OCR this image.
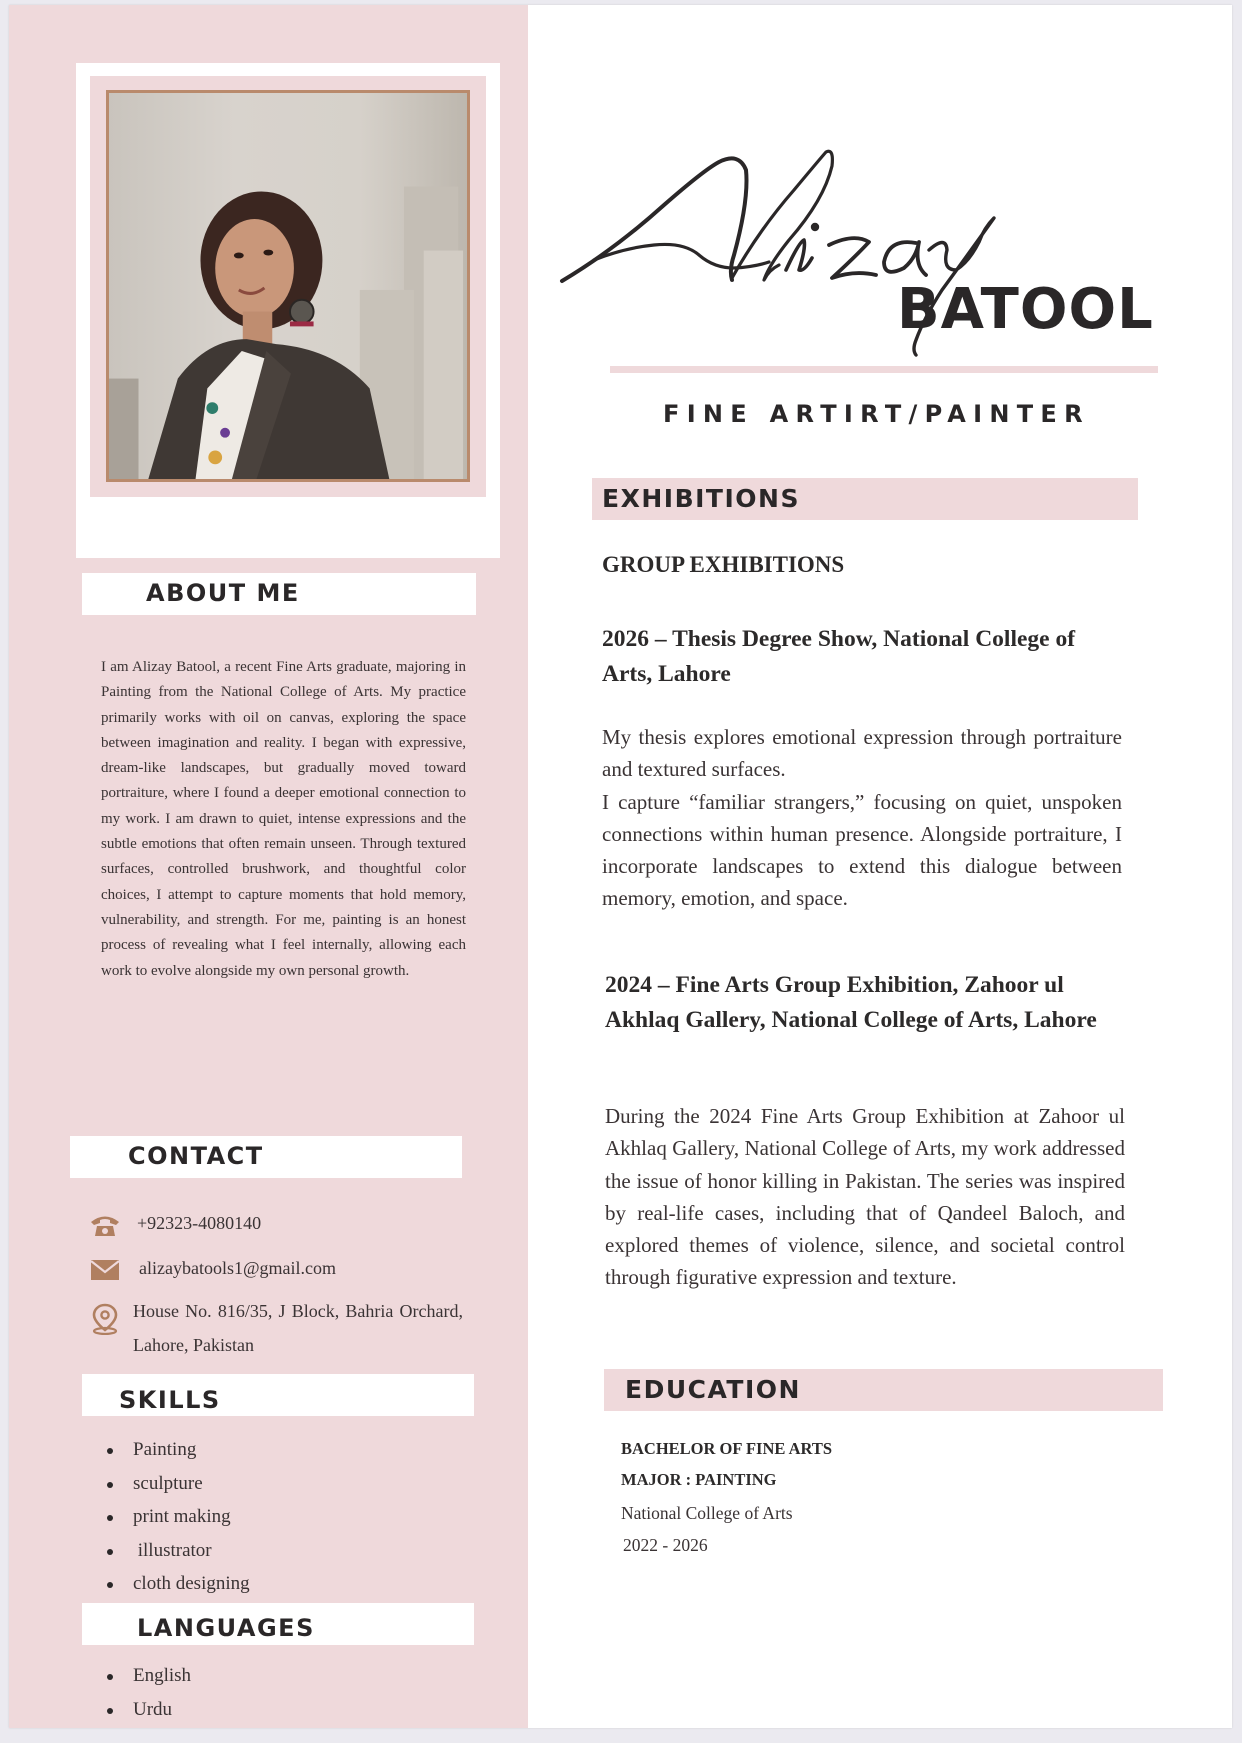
ABOUT ME

I am Alizay Batool, a recent Fine Arts graduate, majoring in Painting from the National College of Arts. My practice primarily works with oil on canvas, exploring the space between imagination and reality. I began with expressive, dream-like landscapes, but gradually moved toward portraiture, where I found a deeper emotional connection to my work. I am drawn to quiet, intense expressions and the subtle emotions that often remain unseen. Through textured surfaces, controlled brushwork, and thoughtful color choices, I attempt to capture moments that hold memory, vulnerability, and strength. For me, painting is an honest process of revealing what I feel internally, allowing each work to evolve alongside my own personal growth.

CONTACT
+92323-4080140
alizaybatools1@gmail.com
House No. 816/35, J Block, Bahria Orchard, Lahore, Pakistan
SKILLS
Painting
sculpture
print making
illustrator
cloth designing
LANGUAGES
English
Urdu
BATOOL
FINE ARTIRT/PAINTER
EXHIBITIONS
GROUP EXHIBITIONS
2026 – Thesis Degree Show, National College of Arts, Lahore
My thesis explores emotional expression through portraiture and textured surfaces.
I capture “familiar strangers,” focusing on quiet, unspoken connections within human presence. Alongside portraiture, I incorporate landscapes to extend this dialogue between memory, emotion, and space.
2024 – Fine Arts Group Exhibition, Zahoor ul Akhlaq Gallery, National College of Arts, Lahore
During the 2024 Fine Arts Group Exhibition at Zahoor ul Akhlaq Gallery, National College of Arts, my work addressed the issue of honor killing in Pakistan. The series was inspired by real-life cases, including that of Qandeel Baloch, and explored themes of violence, silence, and societal control through figurative expression and texture.
EDUCATION
BACHELOR OF FINE ARTS
MAJOR : PAINTING
National College of Arts
2022 - 2026
